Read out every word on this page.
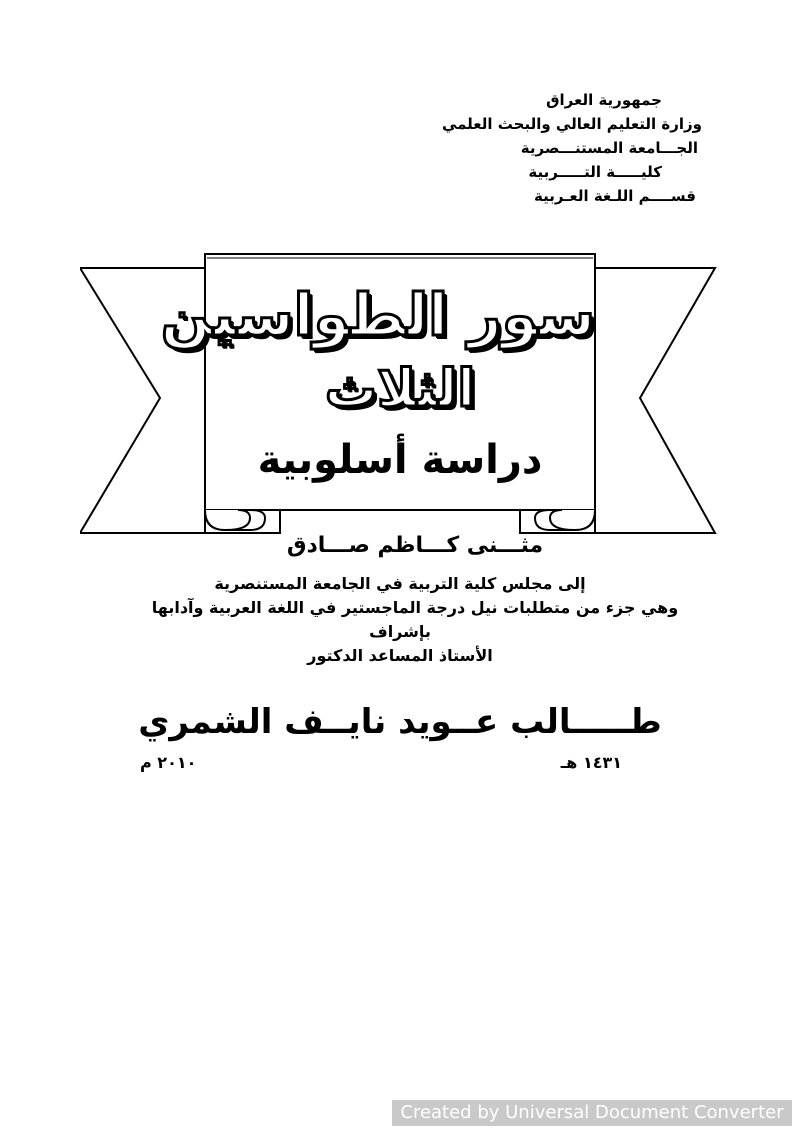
جمهورية العراق
وزارة التعليم العالي والبحث العلمي
الجـــامعة المستنـــصرية
كليـــــة التـــــربية
قســــم اللـغة العـربية
سور الطواسين
الثلاث
دراسة أسلوبية
مثـــنى كـــاظم صـــادق
إلى مجلس كلية التربية في الجامعة المستنصرية
وهي جزء من متطلبات نيل درجة الماجستير في اللغة العربية وآدابها
بإشراف
الأستاذ المساعد الدكتور
طـــــالب عــويد نايــف الشمري
١٤٣١ هـ
٢٠١٠ م
Created by Universal Document Converter
